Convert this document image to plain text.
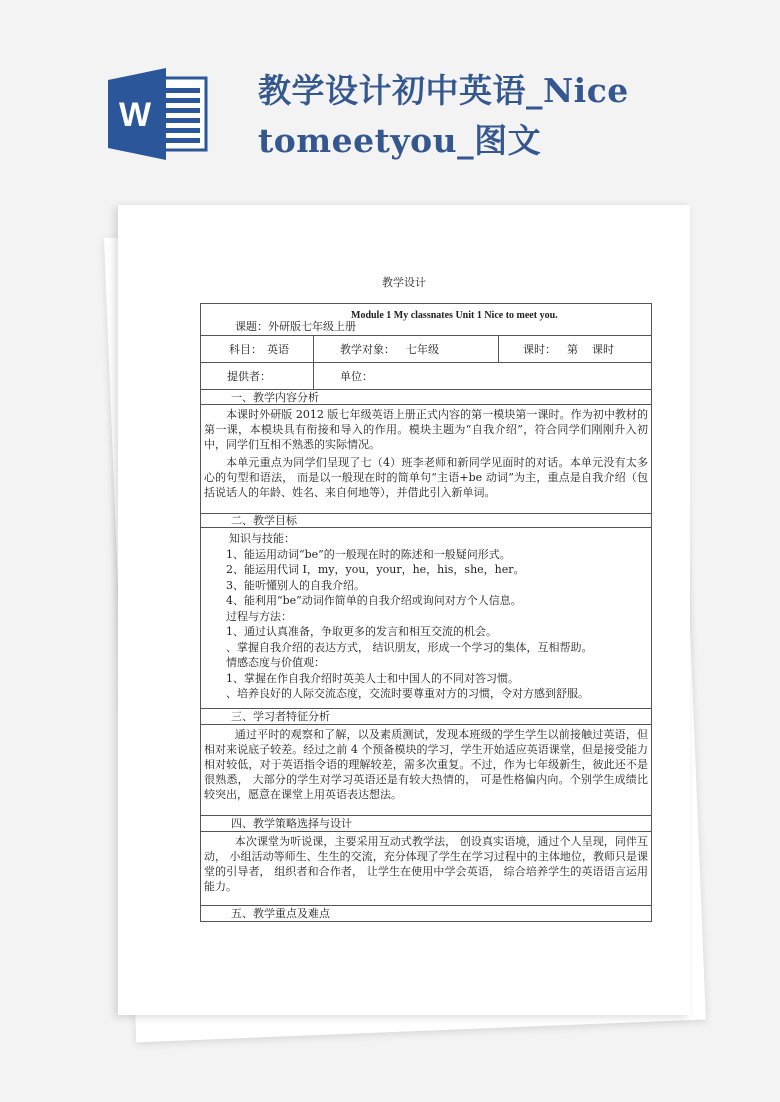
W
教学设计初中英语_Nice
tomeetyou_图文
教学设计
Module 1 My classnates Unit 1 Nice to meet you.
课题：外研版七年级上册
科目： 英语	教学对象： 七年级	课时： 第    课时
提供者：	单位：
一、教学内容分析

本课时外研版 2012 版七年级英语上册正式内容的第一模块第一课时。作为初中教材的第一课，本模块具有衔接和导入的作用。模块主题为“自我介绍”，符合同学们刚刚升入初中，同学们互相不熟悉的实际情况。

本单元重点为同学们呈现了七（4）班李老师和新同学见面时的对话。本单元没有太多心的句型和语法， 而是以一般现在时的简单句“主语+be 动词”为主，重点是自我介绍（包括说话人的年龄、姓名、来自何地等），并借此引入新单词。

二、教学目标
知识与技能：
1、能运用动词“be”的一般现在时的陈述和一般疑问形式。
2、能运用代词 I，my，you，your，he，his，she，her。
3、能听懂别人的自我介绍。
4、能利用“be”动词作简单的自我介绍或询问对方个人信息。
过程与方法：
1、通过认真准备，争取更多的发言和相互交流的机会。
、掌握自我介绍的表达方式， 结识朋友，形成一个学习的集体，互相帮助。
情感态度与价值观：
1、掌握在作自我介绍时英美人士和中国人的不同对答习惯。
、培养良好的人际交流态度，交流时要尊重对方的习惯，令对方感到舒服。
三、学习者特征分析

通过平时的观察和了解，以及素质测试，发现本班级的学生学生以前接触过英语，但相对来说底子较差。经过之前 4 个预备模块的学习，学生开始适应英语课堂，但是接受能力相对较低，对于英语指令语的理解较差，需多次重复。不过，作为七年级新生，彼此还不是很熟悉， 大部分的学生对学习英语还是有较大热情的， 可是性格偏内向。个别学生成绩比较突出，愿意在课堂上用英语表达想法。

四、教学策略选择与设计

本次课堂为听说课，主要采用互动式教学法， 创设真实语境，通过个人呈现，同伴互动， 小组活动等师生、生生的交流，充分体现了学生在学习过程中的主体地位，教师只是课堂的引导者， 组织者和合作者， 让学生在使用中学会英语， 综合培养学生的英语语言运用能力。

五、教学重点及难点
